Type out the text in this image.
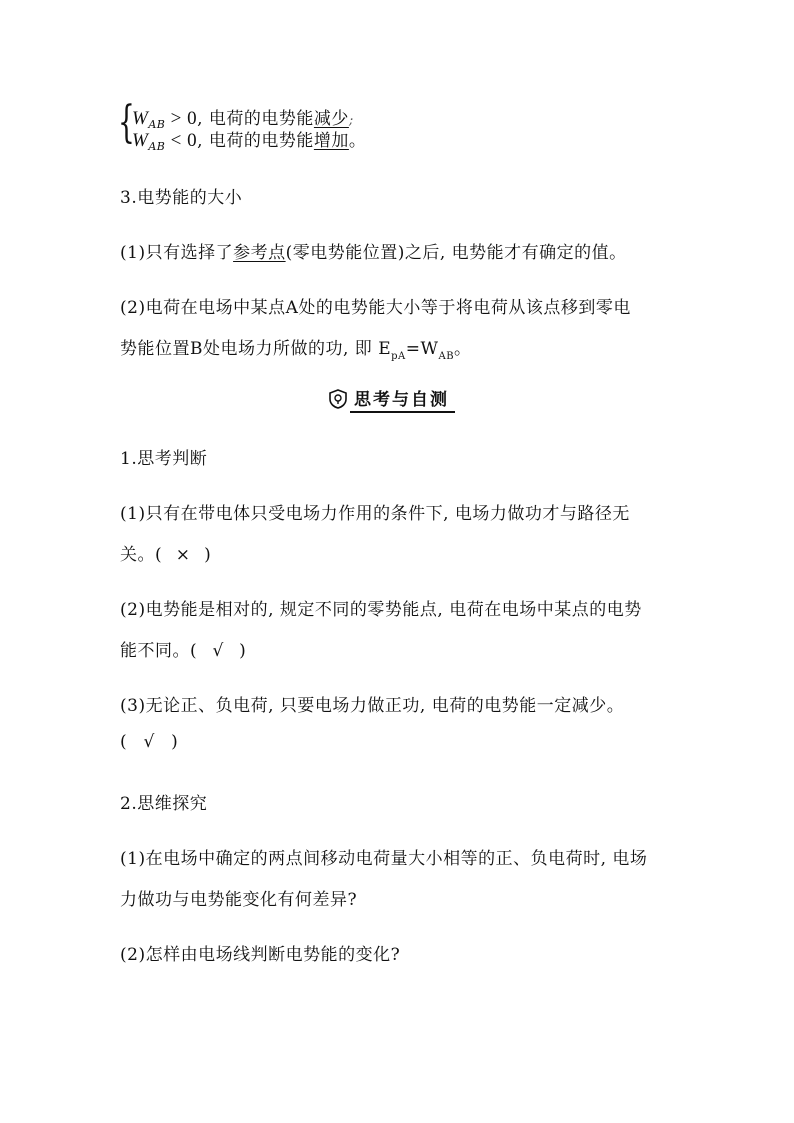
{
$W_{AB} > 0$, 电荷的电势能减少;
$W_{AB} < 0$, 电荷的电势能增加。
3.电势能的大小
(1)只有选择了参考点(零电势能位置)之后, 电势能才有确定的值。
(2)电荷在电场中某点A处的电势能大小等于将电荷从该点移到零电
势能位置B处电场力所做的功, 即 $E_{pA}=W_{AB}$。
思考与自测
1.思考判断
(1)只有在带电体只受电场力作用的条件下, 电场力做功才与路径无
关。( × )
(2)电势能是相对的, 规定不同的零势能点, 电荷在电场中某点的电势
能不同。( √ )
(3)无论正、负电荷, 只要电场力做正功, 电荷的电势能一定减少。
( √ )
2.思维探究
(1)在电场中确定的两点间移动电荷量大小相等的正、负电荷时, 电场
力做功与电势能变化有何差异?
(2)怎样由电场线判断电势能的变化?
